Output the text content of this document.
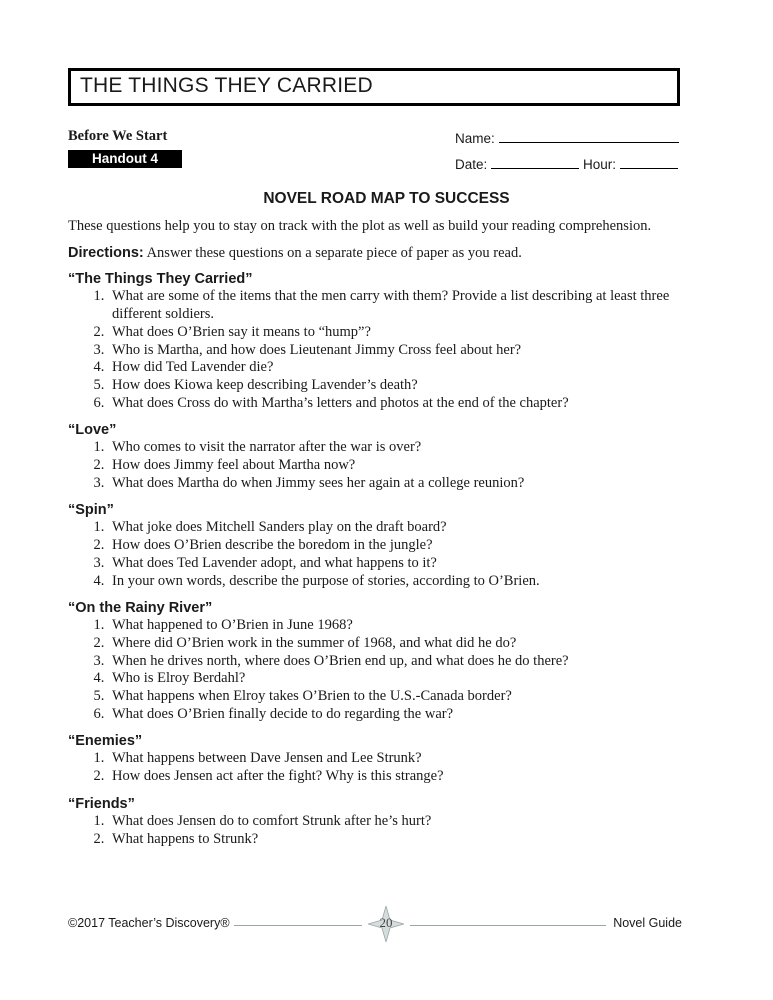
THE THINGS THEY CARRIED
Before We Start
Handout 4
Name:
Date:	Hour:
NOVEL ROAD MAP TO SUCCESS

These questions help you to stay on track with the plot as well as build your reading comprehension.

Directions: Answer these questions on a separate piece of paper as you read.

“The Things They Carried”
1. What are some of the items that the men carry with them? Provide a list describing at least three different soldiers.
2. What does O’Brien say it means to “hump”?
3. Who is Martha, and how does Lieutenant Jimmy Cross feel about her?
4. How did Ted Lavender die?
5. How does Kiowa keep describing Lavender’s death?
6. What does Cross do with Martha’s letters and photos at the end of the chapter?
“Love”
1. Who comes to visit the narrator after the war is over?
2. How does Jimmy feel about Martha now?
3. What does Martha do when Jimmy sees her again at a college reunion?
“Spin”
1. What joke does Mitchell Sanders play on the draft board?
2. How does O’Brien describe the boredom in the jungle?
3. What does Ted Lavender adopt, and what happens to it?
4. In your own words, describe the purpose of stories, according to O’Brien.
“On the Rainy River”
1. What happened to O’Brien in June 1968?
2. Where did O’Brien work in the summer of 1968, and what did he do?
3. When he drives north, where does O’Brien end up, and what does he do there?
4. Who is Elroy Berdahl?
5. What happens when Elroy takes O’Brien to the U.S.-Canada border?
6. What does O’Brien finally decide to do regarding the war?
“Enemies”
1. What happens between Dave Jensen and Lee Strunk?
2. How does Jensen act after the fight? Why is this strange?
“Friends”
1. What does Jensen do to comfort Strunk after he’s hurt?
2. What happens to Strunk?
©2017 Teacher’s Discovery®	20	Novel Guide
